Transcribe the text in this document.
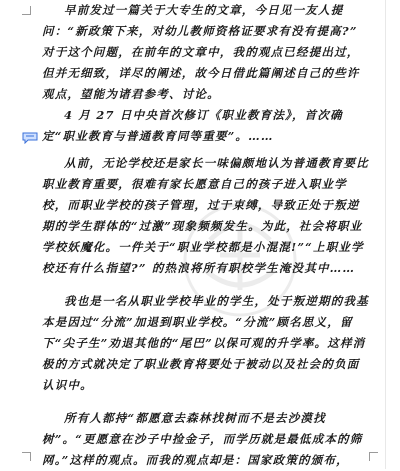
早前发过一篇关于大专生的文章，今日见一友人提问：“新政策下来，对幼儿教师资格证要求有没有提高?” 对于这个问题，在前年的文章中，我的观点已经提出过，但并无细致，详尽的阐述，故今日借此篇阐述自己的些许观点，望能为诸君参考、讨论。

4 月 27 日中央首次修订《职业教育法》，首次确定“职业教育与普通教育同等重要”。……

从前，无论学校还是家长一味偏颇地认为普通教育要比职业教育重要，很难有家长愿意自己的孩子进入职业学校，而职业学校的孩子管理，过于束缚，导致正处于叛逆期的学生群体的“过激”现象频频发生。为此，社会将职业学校妖魔化。一件关于“职业学校都是小混混!”“上职业学校还有什么指望?” 的热浪将所有职校学生淹没其中……

我也是一名从职业学校毕业的学生，处于叛逆期的我基本是因过“分流”加退到职业学校。“分流”顾名思义，留下“尖子生”劝退其他的“尾巴”以保可观的升学率。这样消极的方式就决定了职业教育将要处于被动以及社会的负面认识中。

所有人都持“都愿意去森林找树而不是去沙漠找树”。“更愿意在沙子中捡金子，而学历就是最低成本的筛网。”这样的观点。而我的观点却是：国家政策的颁布，
